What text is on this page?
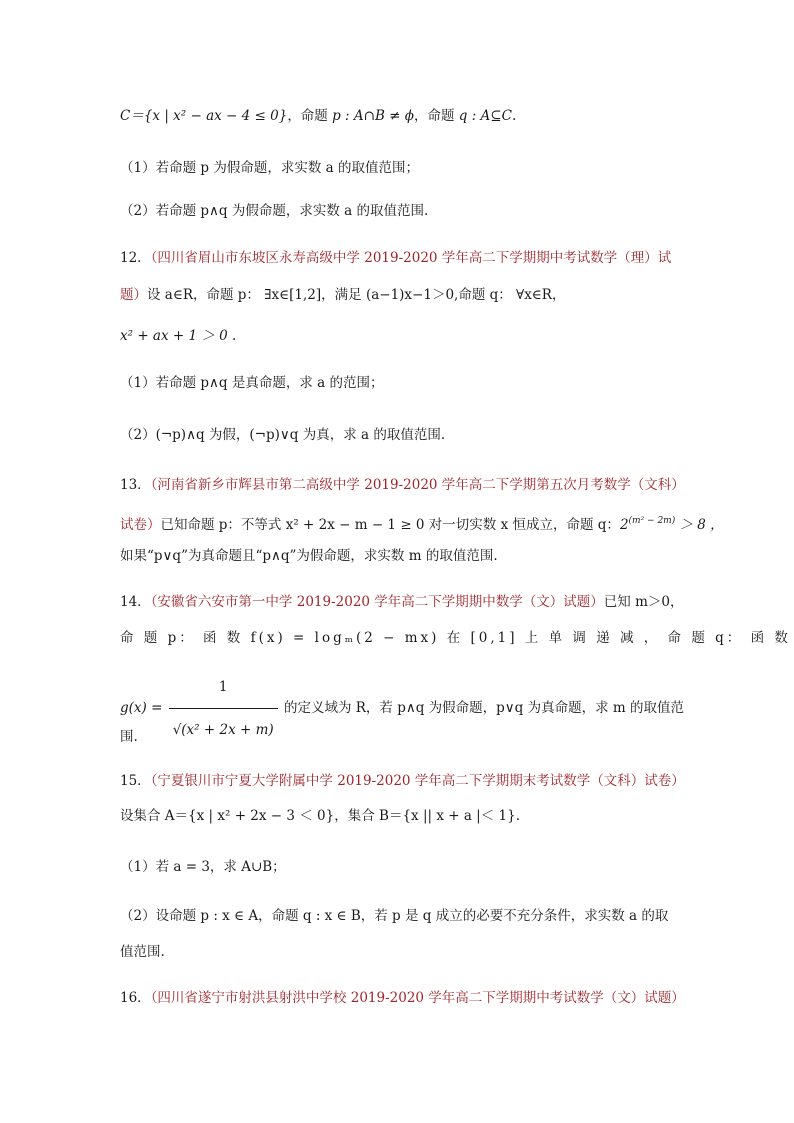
C＝{x | x² − ax − 4 ≤ 0}，命题 p : A∩B ≠ ϕ，命题 q : A⊆C.
（1）若命题 p 为假命题，求实数 a 的取值范围；
（2）若命题 p∧q 为假命题，求实数 a 的取值范围.
12．（四川省眉山市东坡区永寿高级中学 2019-2020 学年高二下学期期中考试数学（理）试
题）设 a∈R，命题 p： ∃x∈[1,2]，满足 (a−1)x−1＞0,命题 q： ∀x∈R，
x² + ax + 1 ＞ 0 .
（1）若命题 p∧q 是真命题，求 a 的范围；
（2）(¬p)∧q 为假，(¬p)∨q 为真，求 a 的取值范围.
13．（河南省新乡市辉县市第二高级中学 2019-2020 学年高二下学期第五次月考数学（文科）
试卷）已知命题 p：不等式 x² + 2x − m − 1 ≥ 0 对一切实数 x 恒成立，命题 q：$2^{(m^2 - 2m)} > 8$ ，
如果“p∨q”为真命题且“p∧q”为假命题，求实数 m 的取值范围.
14．（安徽省六安市第一中学 2019-2020 学年高二下学期期中数学（文）试题）已知 m＞0，
命 题 p： 函 数 f(x) = logₘ(2 − mx) 在 [0,1] 上 单 调 递 减 ， 命 题 q： 函 数
$g(x) = \frac{1}{\text{√(x² + 2x + m)}}$ 的定义域为 R，若 p∧q 为假命题，p∨q 为真命题，求 m 的取值范
围.
15．（宁夏银川市宁夏大学附属中学 2019-2020 学年高二下学期期末考试数学（文科）试卷）
设集合 A＝{x | x² + 2x − 3 ＜ 0}，集合 B＝{x || x + a |＜ 1}.
（1）若 a = 3，求 A∪B；
（2）设命题 p : x ∈ A，命题 q : x ∈ B，若 p 是 q 成立的必要不充分条件，求实数 a 的取
值范围.
16．（四川省遂宁市射洪县射洪中学校 2019-2020 学年高二下学期期中考试数学（文）试题）
